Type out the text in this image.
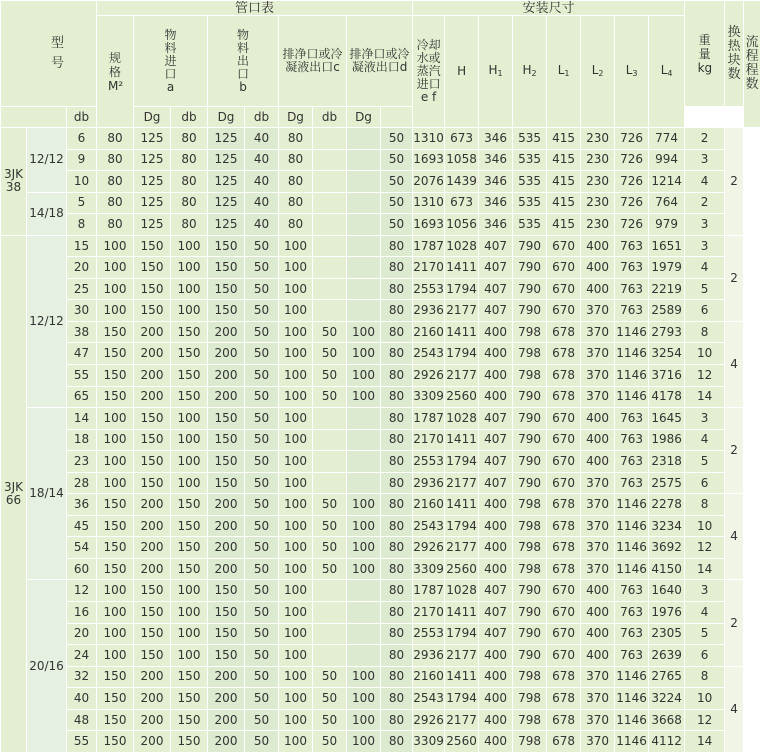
型号			管口表									安装尺寸								重量kg	换热块数	流程程数
			规格M²	物料进口a		物料出口b		排净口或冷凝液出口c		排净口或冷凝液出口d		冷却水或蒸汽进口e f	H	$H_1$	$H_2$	$L_1$	$L_2$	$L_3$	$L_4$

		db		Dg	db	Dg	db	Dg	db	Dg												
3JK38	12/12	6	80	125	80	125	40	80			50	1310	673	346	535	415	230	726	774	2	2	
		9	80	125	80	125	40	80			50	1693	1058	346	535	415	230	726	994	3		
		10	80	125	80	125	40	80			50	2076	1439	346	535	415	230	726	1214	4		
	14/18	5	80	125	80	125	40	80			50	1310	673	346	535	415	230	726	764	2		
		8	80	125	80	125	40	80			50	1693	1056	346	535	415	230	726	979	3		
3JK66	12/12	15	100	150	100	150	50	100			80	1787	1028	407	790	670	400	763	1651	3	2	
		20	100	150	100	150	50	100			80	2170	1411	407	790	670	400	763	1979	4		
		25	100	150	100	150	50	100			80	2553	1794	407	790	670	400	763	2219	5		
		30	100	150	100	150	50	100			80	2936	2177	407	790	670	370	763	2589	6		
		38	150	200	150	200	50	100	50	100	80	2160	1411	400	798	678	370	1146	2793	8	4	
		47	150	200	150	200	50	100	50	100	80	2543	1794	400	798	678	370	1146	3254	10		
		55	150	200	150	200	50	100	50	100	80	2926	2177	400	798	678	370	1146	3716	12		
		65	150	200	150	200	50	100	50	100	80	3309	2560	400	790	678	370	1146	4178	14		
	18/14	14	100	150	100	150	50	100			80	1787	1028	407	790	670	400	763	1645	3	2	
		18	100	150	100	150	50	100			80	2170	1411	407	790	670	400	763	1986	4		
		23	100	150	100	150	50	100			80	2553	1794	407	790	670	400	763	2318	5		
		28	100	150	100	150	50	100			80	2936	2177	407	790	670	370	763	2575	6		
		36	150	200	150	200	50	100	50	100	80	2160	1411	400	798	678	370	1146	2278	8	4	
		45	150	200	150	200	50	100	50	100	80	2543	1794	400	798	678	370	1146	3234	10		
		54	150	200	150	200	50	100	50	100	80	2926	2177	400	798	678	370	1146	3692	12		
		60	150	200	150	200	50	100	50	100	80	3309	2560	400	798	678	370	1146	4150	14		
	20/16	12	100	150	100	150	50	100			80	1787	1028	407	790	670	400	763	1640	3	2	
		16	100	150	100	150	50	100			80	2170	1411	407	790	670	400	763	1976	4		
		20	100	150	100	150	50	100			80	2553	1794	407	790	670	400	763	2305	5		
		24	100	150	100	150	50	100			80	2936	2177	400	790	670	400	763	2639	6		
		32	150	200	150	200	50	100	50	100	80	2160	1411	400	798	678	370	1146	2765	8	4	
		40	150	200	150	200	50	100	50	100	80	2543	1794	400	798	678	370	1146	3224	10		
		48	150	200	150	200	50	100	50	100	80	2926	2177	400	798	678	370	1146	3668	12		
		55	150	200	150	200	50	100	50	100	80	3309	2560	400	798	678	370	1146	4112	14		
